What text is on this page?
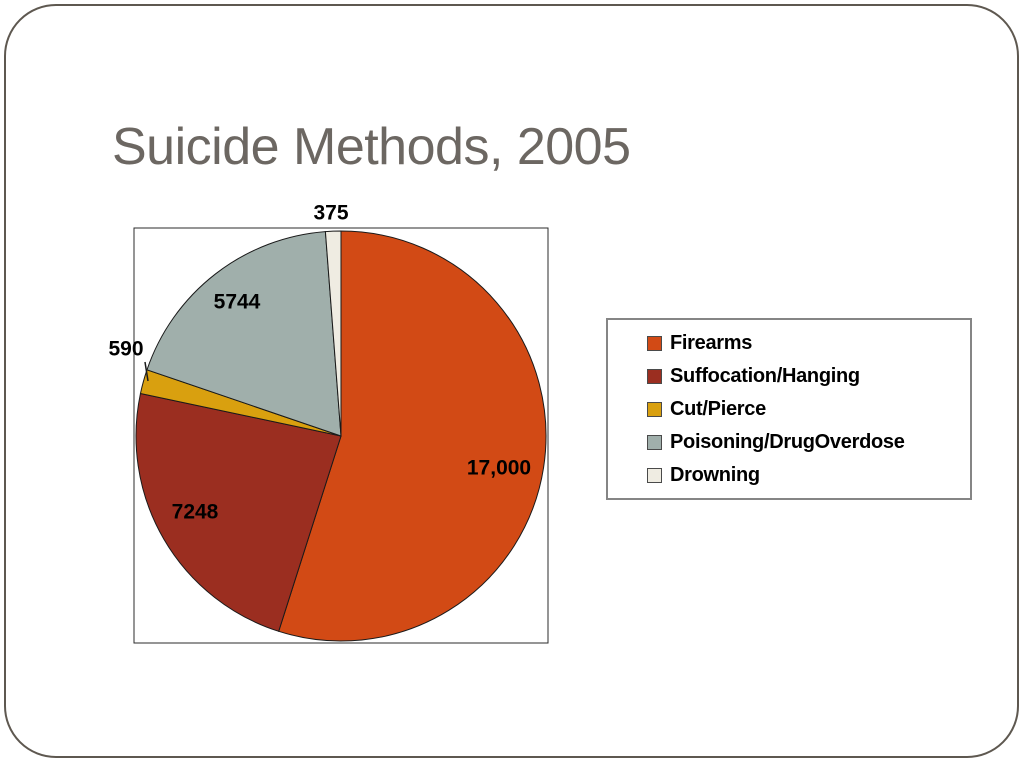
Suicide Methods, 2005
17,000
7248
590
5744
375
Firearms
Suffocation/Hanging
Cut/Pierce
Poisoning/DrugOverdose
Drowning
